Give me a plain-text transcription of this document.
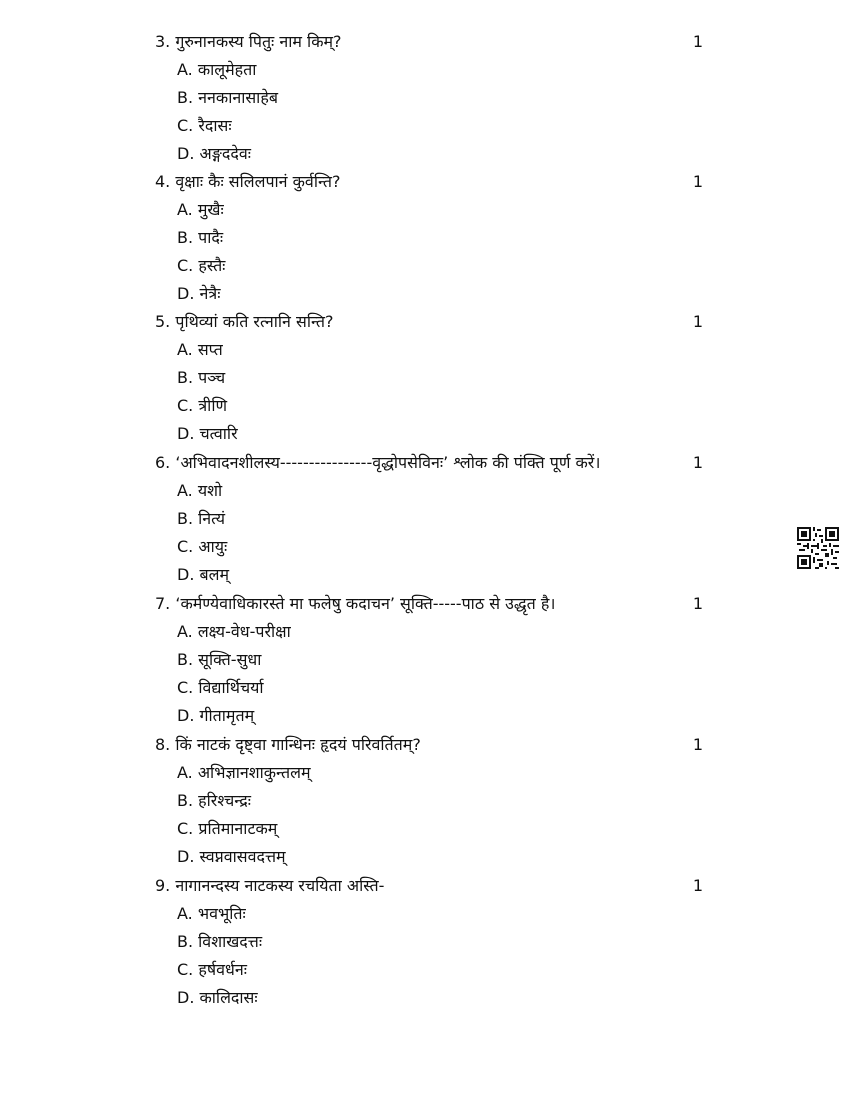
3. गुरुनानकस्य पितुः नाम किम्?	1
A. कालूमेहता
B. ननकानासाहेब
C. रैदासः
D. अङ्गददेवः
4. वृक्षाः कैः सलिलपानं कुर्वन्ति?	1
A. मुखैः
B. पादैः
C. हस्तैः
D. नेत्रैः
5. पृथिव्यां कति रत्नानि सन्ति?	1
A. सप्त
B. पञ्च
C. त्रीणि
D. चत्वारि
6. ‘अभिवादनशीलस्य----------------वृद्धोपसेविनः’ श्लोक की पंक्ति पूर्ण करें।	1
A. यशो
B. नित्यं
C. आयुः
D. बलम्
7. ‘कर्मण्येवाधिकारस्ते मा फलेषु कदाचन’ सूक्ति-----पाठ से उद्धृत है।	1
A. लक्ष्य-वेध-परीक्षा
B. सूक्ति-सुधा
C. विद्यार्थिचर्या
D. गीतामृतम्
8. किं नाटकं दृष्ट्वा गान्धिनः हृदयं परिवर्तितम्?	1
A. अभिज्ञानशाकुन्तलम्
B. हरिश्चन्द्रः
C. प्रतिमानाटकम्
D. स्वप्नवासवदत्तम्
9. नागानन्दस्य नाटकस्य रचयिता अस्ति-	1
A. भवभूतिः
B. विशाखदत्तः
C. हर्षवर्धनः
D. कालिदासः
